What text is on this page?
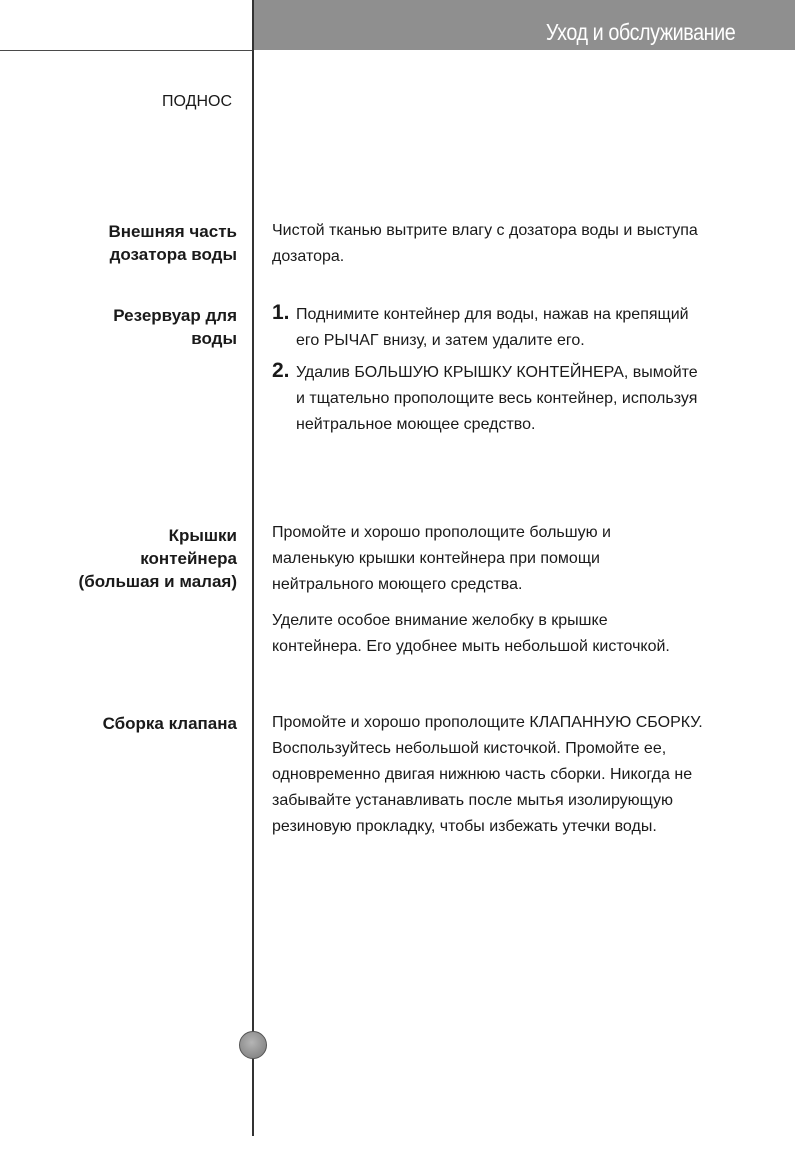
Уход и обслуживание
ПОДНОС
Внешняя часть
дозатора воды

Чистой тканью вытрите влагу с дозатора воды и выступа дозатора.

Резервуар для
воды
1. Поднимите контейнер для воды, нажав на крепящий его РЫЧАГ внизу, и затем удалите его.

2. Удалив БОЛЬШУЮ КРЫШКУ КОНТЕЙНЕРА, вымойте и тщательно прополощите весь контейнер, используя нейтральное моющее средство.

Крышки
контейнера
(большая и малая)

Промойте и хорошо прополощите большую и маленькую крышки контейнера при помощи нейтрального моющего средства.

Уделите особое внимание желобку в крышке контейнера. Его удобнее мыть небольшой кисточкой.

Сборка клапана Промойте и хорошо прополощите КЛАПАННУЮ СБОРКУ. Воспользуйтесь небольшой кисточкой. Промойте ее, одновременно двигая нижнюю часть сборки. Никогда не забывайте устанавливать после мытья изолирующую резиновую прокладку, чтобы избежать утечки воды.
